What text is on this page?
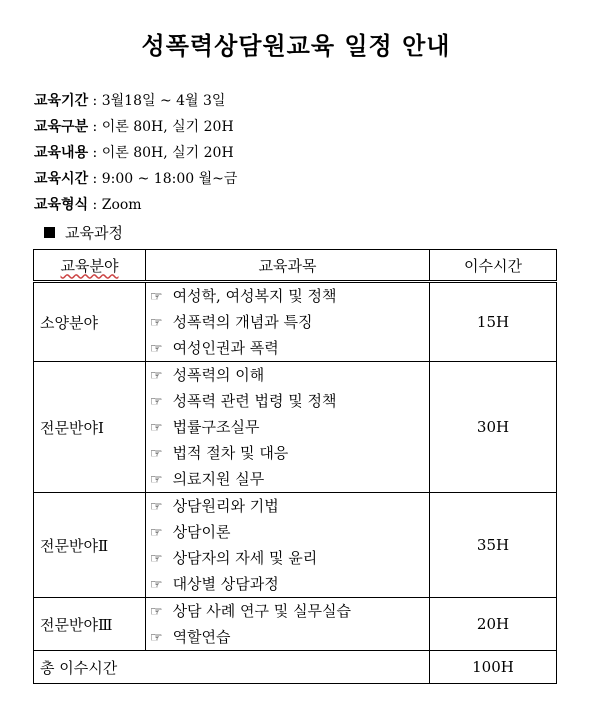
성폭력상담원교육 일정 안내
교육기간 : 3월18일 ~ 4월 3일
교육구분 : 이론 80H, 실기 20H
교육내용 : 이론 80H, 실기 20H
교육시간 : 9:00 ~ 18:00 월~금
교육형식 : Zoom
교육과정
교육분야	교육과목	이수시간
소양분야	☞ 여성학, 여성복지 및 정책
☞ 성폭력의 개념과 특징
☞ 여성인권과 폭력	15H
전문반야Ⅰ	☞ 성폭력의 이해
☞ 성폭력 관련 법령 및 정책
☞ 법률구조실무
☞ 법적 절차 및 대응
☞ 의료지원 실무	30H
전문반야Ⅱ	☞ 상담원리와 기법
☞ 상담이론
☞ 상담자의 자세 및 윤리
☞ 대상별 상담과정	35H
전문반야Ⅲ	☞ 상담 사례 연구 및 실무실습
☞ 역할연습	20H
총 이수시간		100H
